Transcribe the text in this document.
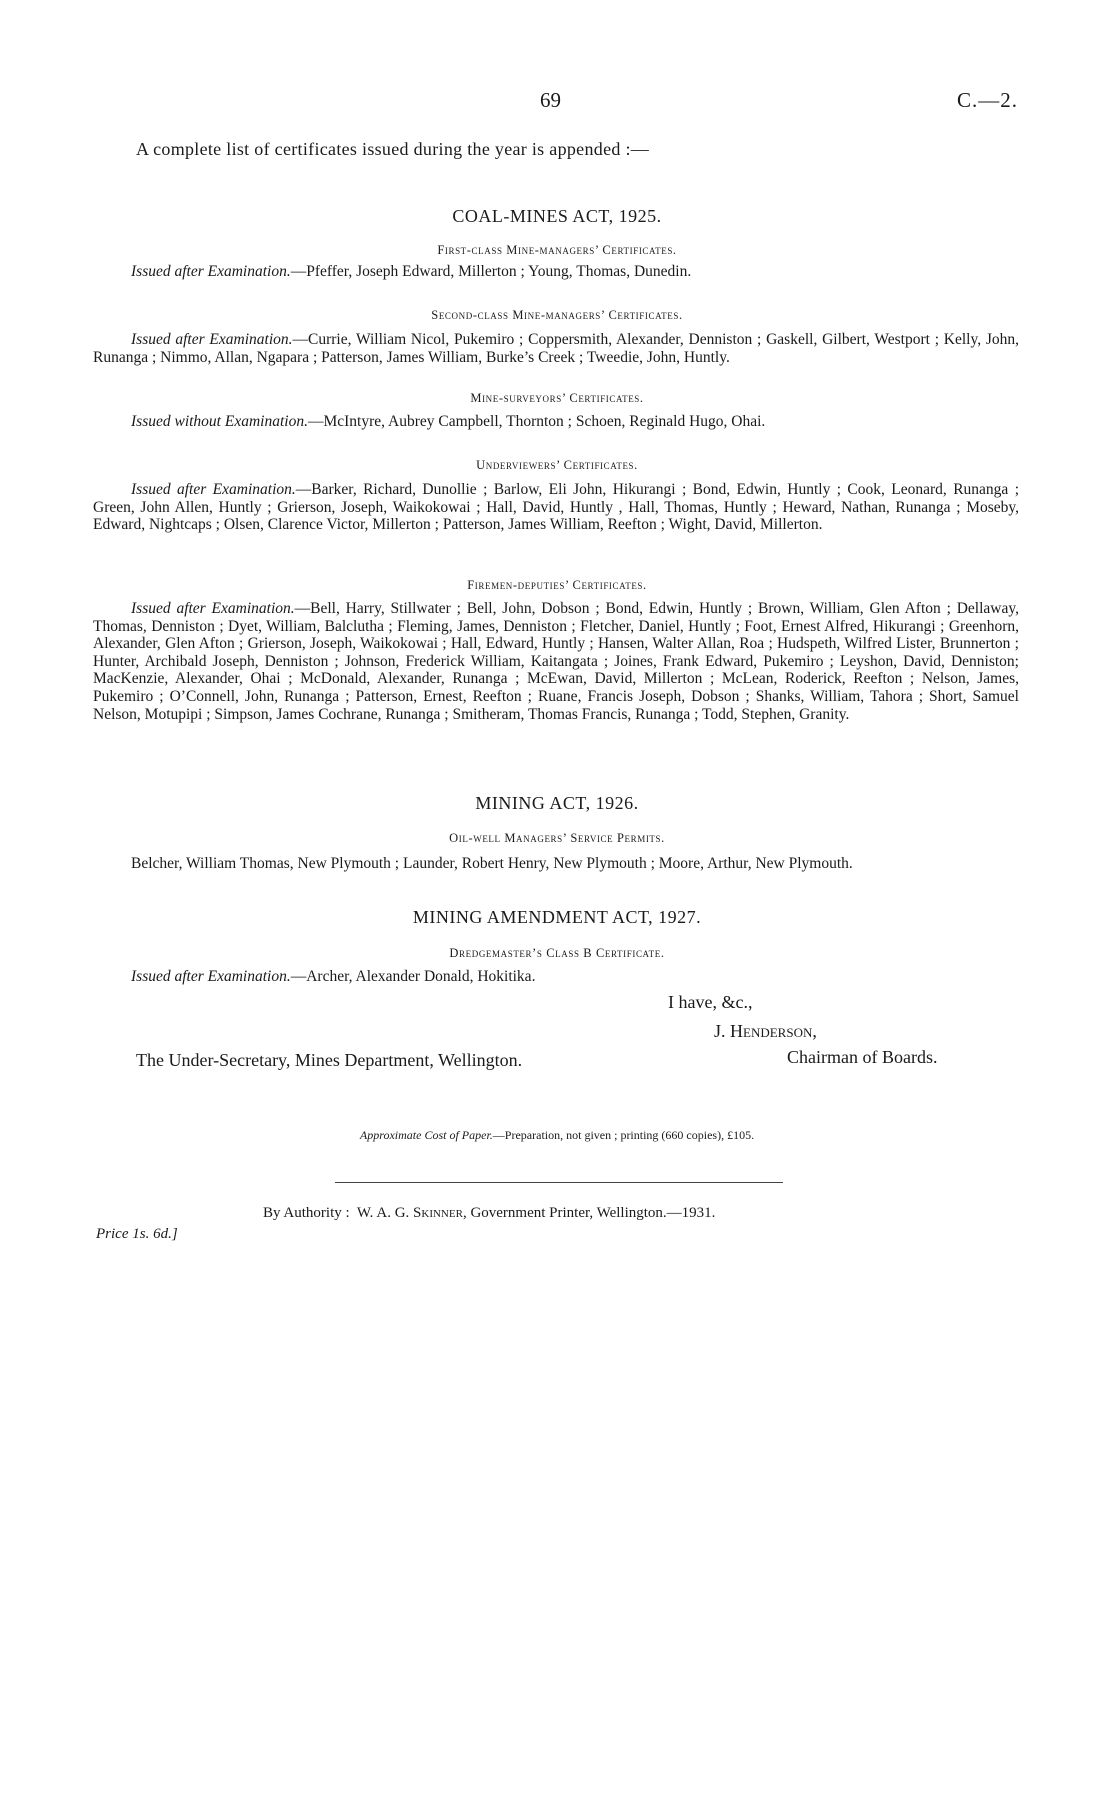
69	C.—2.
A complete list of certificates issued during the year is appended :—
COAL-MINES ACT, 1925.
First-class Mine-managers’ Certificates.

Issued after Examination.—Pfeffer, Joseph Edward, Millerton ; Young, Thomas, Dunedin.

Second-class Mine-managers’ Certificates.

Issued after Examination.—Currie, William Nicol, Pukemiro ; Coppersmith, Alexander, Denniston ; Gaskell, Gilbert, Westport ; Kelly, John, Runanga ; Nimmo, Allan, Ngapara ; Patterson, James William, Burke’s Creek ; Tweedie, John, Huntly.

Mine-surveyors’ Certificates.

Issued without Examination.—McIntyre, Aubrey Campbell, Thornton ; Schoen, Reginald Hugo, Ohai.

Underviewers’ Certificates.

Issued after Examination.—Barker, Richard, Dunollie ; Barlow, Eli John, Hikurangi ; Bond, Edwin, Huntly ; Cook, Leonard, Runanga ; Green, John Allen, Huntly ; Grierson, Joseph, Waikokowai ; Hall, David, Huntly , Hall, Thomas, Huntly ; Heward, Nathan, Runanga ; Moseby, Edward, Nightcaps ; Olsen, Clarence Victor, Millerton ; Patterson, James William, Reefton ; Wight, David, Millerton.

Firemen-deputies’ Certificates.

Issued after Examination.—Bell, Harry, Stillwater ; Bell, John, Dobson ; Bond, Edwin, Huntly ; Brown, William, Glen Afton ; Dellaway, Thomas, Denniston ; Dyet, William, Balclutha ; Fleming, James, Denniston ; Fletcher, Daniel, Huntly ; Foot, Ernest Alfred, Hikurangi ; Greenhorn, Alexander, Glen Afton ; Grierson, Joseph, Waikokowai ; Hall, Edward, Huntly ; Hansen, Walter Allan, Roa ; Hudspeth, Wilfred Lister, Brunnerton ; Hunter, Archibald Joseph, Denniston ; Johnson, Frederick William, Kaitangata ; Joines, Frank Edward, Pukemiro ; Leyshon, David, Denniston; MacKenzie, Alexander, Ohai ; McDonald, Alexander, Runanga ; McEwan, David, Millerton ; McLean, Roderick, Reefton ; Nelson, James, Pukemiro ; O’Connell, John, Runanga ; Patterson, Ernest, Reefton ; Ruane, Francis Joseph, Dobson ; Shanks, William, Tahora ; Short, Samuel Nelson, Motupipi ; Simpson, James Cochrane, Runanga ; Smitheram, Thomas Francis, Runanga ; Todd, Stephen, Granity.

MINING ACT, 1926.
Oil-well Managers’ Service Permits.

Belcher, William Thomas, New Plymouth ; Launder, Robert Henry, New Plymouth ; Moore, Arthur, New Plymouth.

MINING AMENDMENT ACT, 1927.
Dredgemaster’s Class B Certificate.

Issued after Examination.—Archer, Alexander Donald, Hokitika.

I have, &c.,
J. Henderson,
The Under-Secretary, Mines Department, Wellington.	Chairman of Boards.
Approximate Cost of Paper.—Preparation, not given ; printing (660 copies), £105.
By Authority :  W. A. G. Skinner, Government Printer, Wellington.—1931.
Price 1s. 6d.]
